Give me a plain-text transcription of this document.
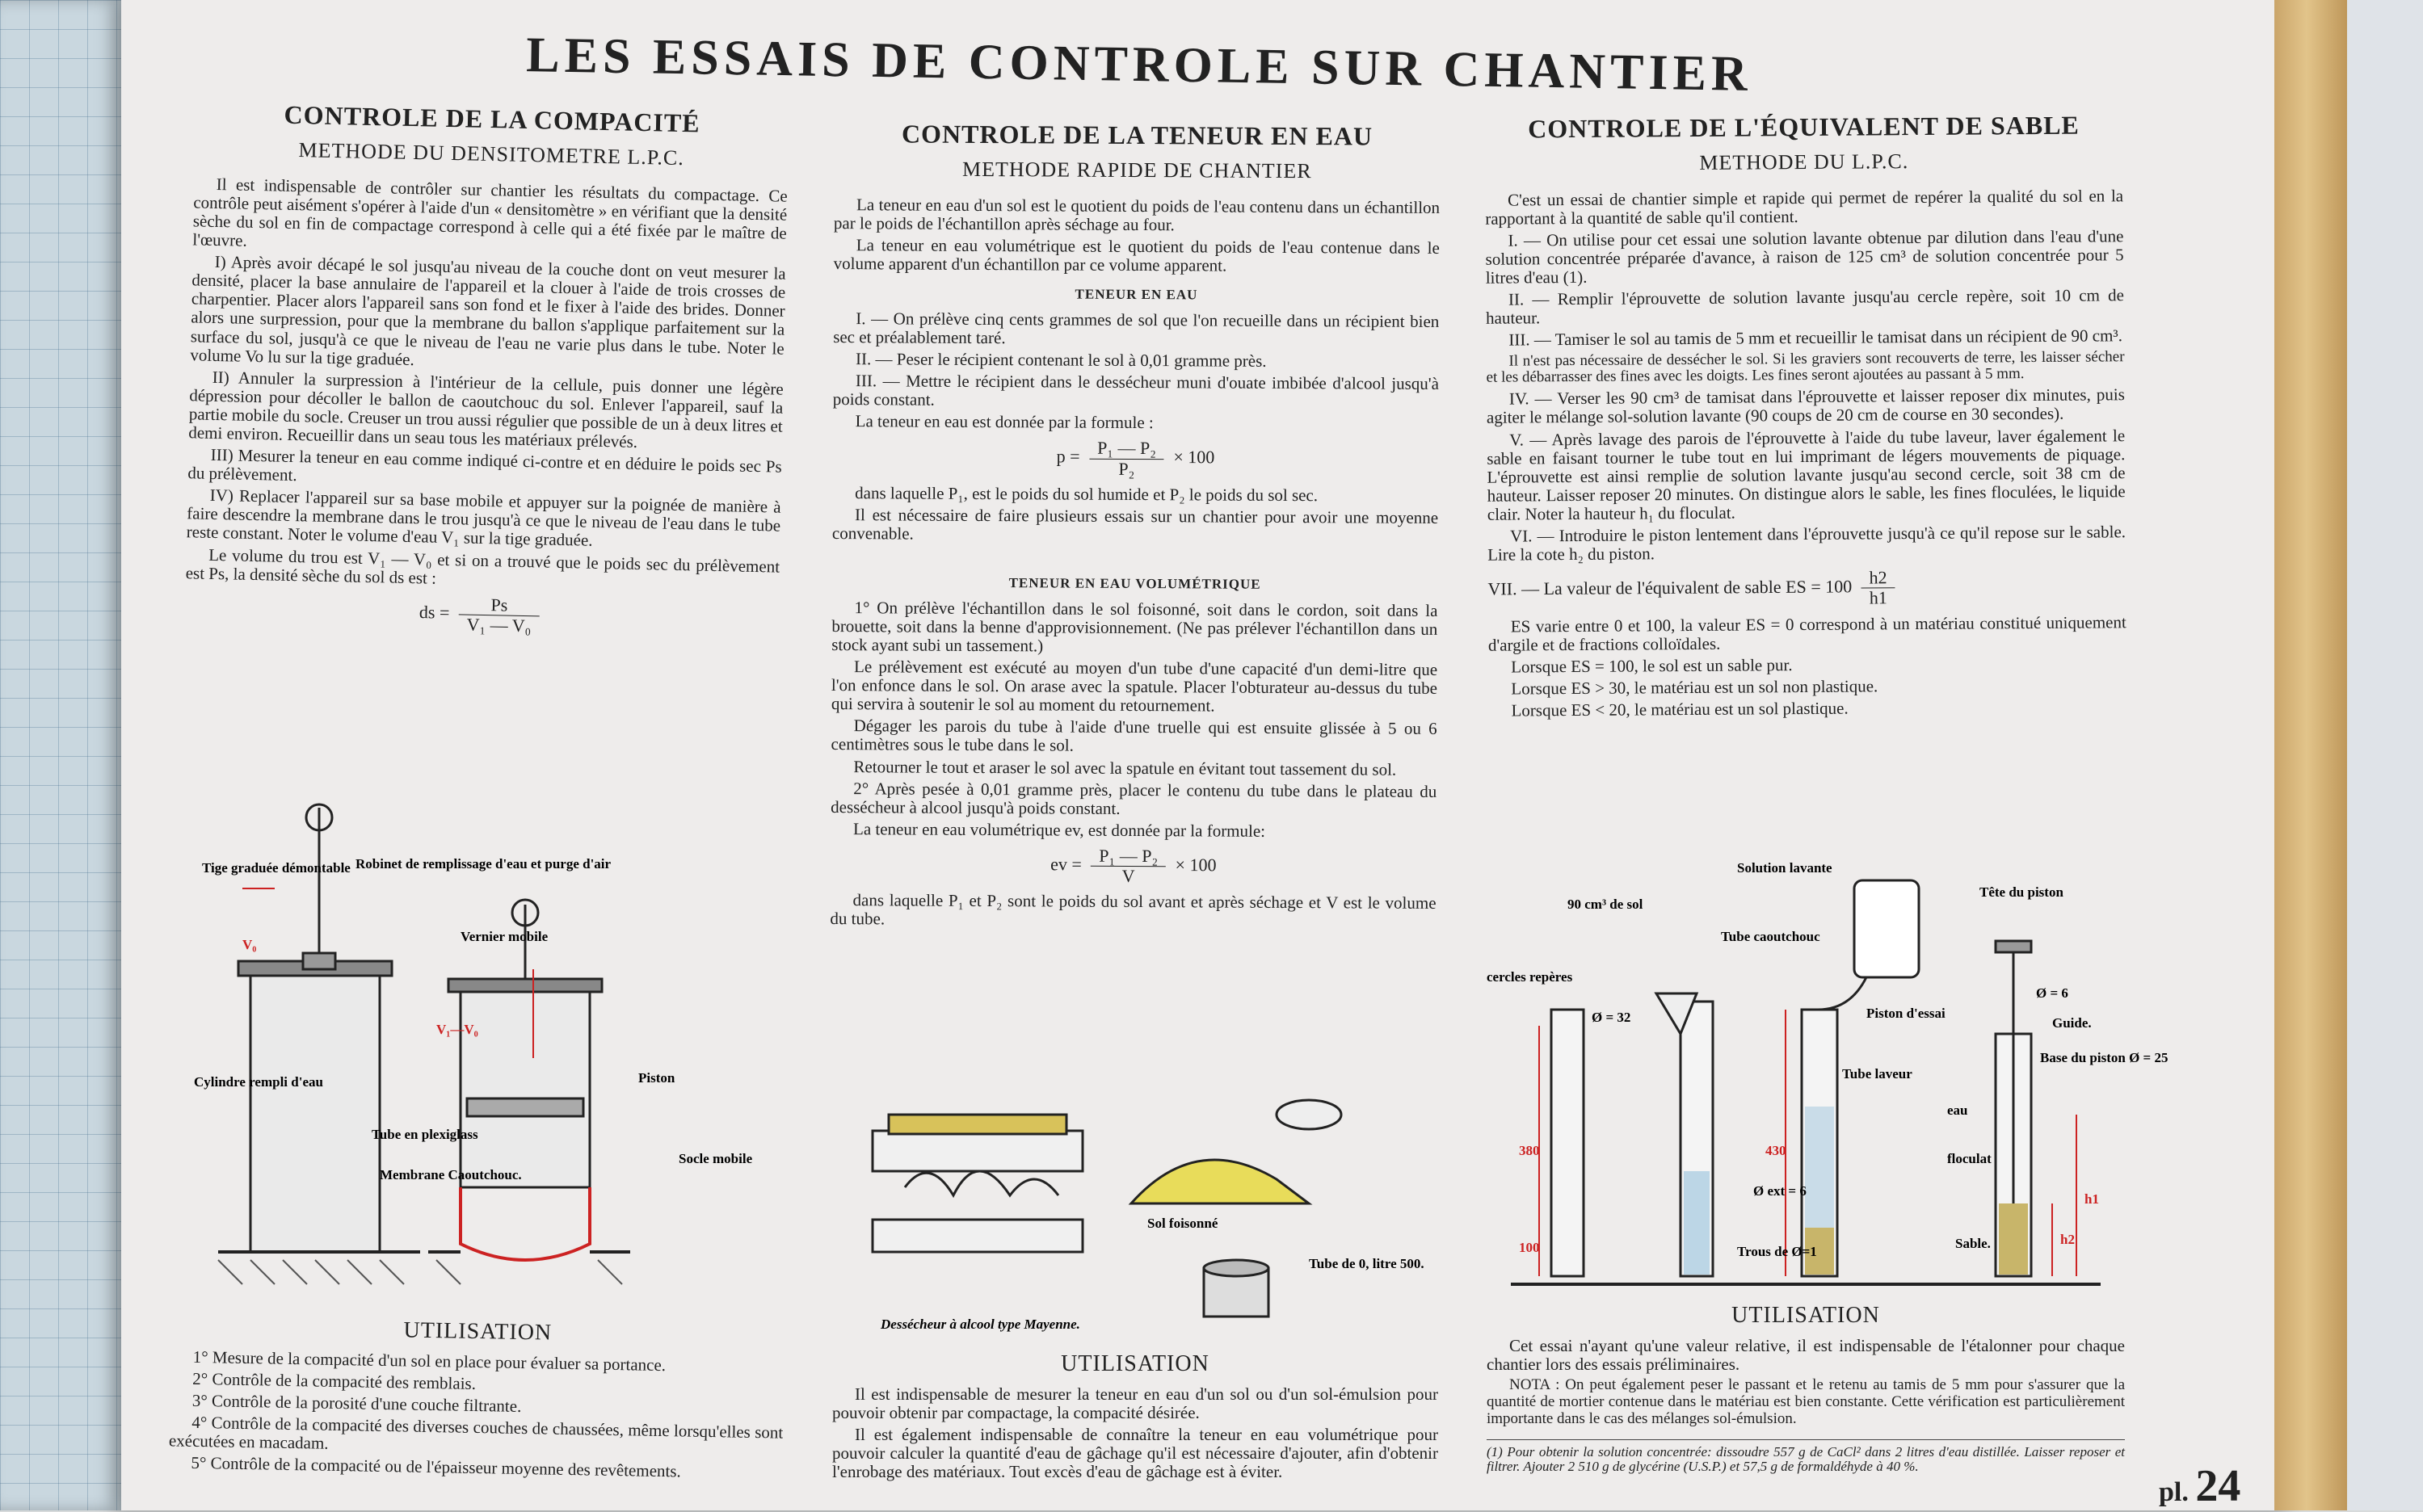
LES ESSAIS DE CONTROLE SUR CHANTIER
CONTROLE DE LA COMPACITÉ
METHODE DU DENSITOMETRE L.P.C.

Il est indispensable de contrôler sur chantier les résultats du compactage. Ce contrôle peut aisément s'opérer à l'aide d'un « densitomètre » en vérifiant que la densité sèche du sol en fin de compactage correspond à celle qui a été fixée par le maître de l'œuvre.

I) Après avoir décapé le sol jusqu'au niveau de la couche dont on veut mesurer la densité, placer la base annulaire de l'appareil et la clouer à l'aide de trois crosses de charpentier. Placer alors l'appareil sans son fond et le fixer à l'aide des brides. Donner alors une surpression, pour que la membrane du ballon s'applique parfaitement sur la surface du sol, jusqu'à ce que le niveau de l'eau ne varie plus dans le tube. Noter le volume Vo lu sur la tige graduée.

II) Annuler la surpression à l'intérieur de la cellule, puis donner une légère dépression pour décoller le ballon de caoutchouc du sol. Enlever l'appareil, sauf la partie mobile du socle. Creuser un trou aussi régulier que possible de un à deux litres et demi environ. Recueillir dans un seau tous les matériaux prélevés.

III) Mesurer la teneur en eau comme indiqué ci-contre et en déduire le poids sec Ps du prélèvement.

IV) Replacer l'appareil sur sa base mobile et appuyer sur la poignée de manière à faire descendre la membrane dans le trou jusqu'à ce que le niveau de l'eau dans le tube reste constant. Noter le volume d'eau V₁ sur la tige graduée.

Le volume du trou est V₁ — V₀ et si on a trouvé que le poids sec du prélèvement est Ps, la densité sèche du sol ds est :

ds = $\frac{Ps}{\text{V₁ — V₀}}$
Tige graduée démontable Robinet de remplissage d'eau et purge d'air
Vernier mobile
V₀
V₁—V₀
Cylindre rempli d'eau	Piston
Tube en plexiglass
Membrane Caoutchouc.
Socle mobile
UTILISATION

1° Mesure de la compacité d'un sol en place pour évaluer sa portance.

2° Contrôle de la compacité des remblais.

3° Contrôle de la porosité d'une couche filtrante.

4° Contrôle de la compacité des diverses couches de chaussées, même lorsqu'elles sont exécutées en macadam.

5° Contrôle de la compacité ou de l'épaisseur moyenne des revêtements.

CONTROLE DE LA TENEUR EN EAU
METHODE RAPIDE DE CHANTIER

La teneur en eau d'un sol est le quotient du poids de l'eau contenu dans un échantillon par le poids de l'échantillon après séchage au four.

La teneur en eau volumétrique est le quotient du poids de l'eau contenue dans le volume apparent d'un échantillon par ce volume apparent.

TENEUR EN EAU

I. — On prélève cinq cents grammes de sol que l'on recueille dans un récipient bien sec et préalablement taré.

II. — Peser le récipient contenant le sol à 0,01 gramme près.

III. — Mettre le récipient dans le dessécheur muni d'ouate imbibée d'alcool jusqu'à poids constant.

La teneur en eau est donnée par la formule :

$p = \frac{\text{P₁ — P₂}}{\text{P₂}} \times 100$

dans laquelle P₁, est le poids du sol humide et P₂ le poids du sol sec.

Il est nécessaire de faire plusieurs essais sur un chantier pour avoir une moyenne convenable.

TENEUR EN EAU VOLUMÉTRIQUE

1° On prélève l'échantillon dans le sol foisonné, soit dans le cordon, soit dans la brouette, soit dans la benne d'approvisionnement. (Ne pas prélever l'échantillon dans un stock ayant subi un tassement.)

Le prélèvement est exécuté au moyen d'un tube d'une capacité d'un demi-litre que l'on enfonce dans le sol. On arase avec la spatule. Placer l'obturateur au-dessus du tube qui servira à soutenir le sol au moment du retournement.

Dégager les parois du tube à l'aide d'une truelle qui est ensuite glissée à 5 ou 6 centimètres sous le tube dans le sol.

Retourner le tout et araser le sol avec la spatule en évitant tout tassement du sol.

2° Après pesée à 0,01 gramme près, placer le contenu du tube dans le plateau du dessécheur à alcool jusqu'à poids constant.

La teneur en eau volumétrique ev, est donnée par la formule:

ev = $\frac{\text{P₁ — P₂}}{V} \times 100$

dans laquelle P₁ et P₂ sont le poids du sol avant et après séchage et V est le volume du tube.

Sol foisonné
Tube de 0, litre 500.
Dessécheur à alcool type Mayenne.
UTILISATION

Il est indispensable de mesurer la teneur en eau d'un sol ou d'un sol-émulsion pour pouvoir obtenir par compactage, la compacité désirée.

Il est également indispensable de connaître la teneur en eau volumétrique pour pouvoir calculer la quantité d'eau de gâchage qu'il est nécessaire d'ajouter, afin d'obtenir l'enrobage des matériaux. Tout excès d'eau de gâchage est à éviter.

CONTROLE DE L'ÉQUIVALENT DE SABLE
METHODE DU L.P.C.

C'est un essai de chantier simple et rapide qui permet de repérer la qualité du sol en la rapportant à la quantité de sable qu'il contient.

I. — On utilise pour cet essai une solution lavante obtenue par dilution dans l'eau d'une solution concentrée préparée d'avance, à raison de 125 cm³ de solution concentrée pour 5 litres d'eau (1).

II. — Remplir l'éprouvette de solution lavante jusqu'au cercle repère, soit 10 cm de hauteur.

III. — Tamiser le sol au tamis de 5 mm et recueillir le tamisat dans un récipient de 90 cm³.

Il n'est pas nécessaire de dessécher le sol. Si les graviers sont recouverts de terre, les laisser sécher et les débarrasser des fines avec les doigts. Les fines seront ajoutées au passant à 5 mm.

IV. — Verser les 90 cm³ de tamisat dans l'éprouvette et laisser reposer dix minutes, puis agiter le mélange sol-solution lavante (90 coups de 20 cm de course en 30 secondes).

V. — Après lavage des parois de l'éprouvette à l'aide du tube laveur, laver également le sable en faisant tourner le tube tout en lui imprimant de légers mouvements de piquage. L'éprouvette est ainsi remplie de solution lavante jusqu'au second cercle, soit 38 cm de hauteur. Laisser reposer 20 minutes. On distingue alors le sable, les fines floculées, le liquide clair. Noter la hauteur h₁ du floculat.

VI. — Introduire le piston lentement dans l'éprouvette jusqu'à ce qu'il repose sur le sable. Lire la cote h₂ du piston.

VII. — La valeur de l'équivalent de sable ES = $100 \frac{h2}{h1}$

ES varie entre 0 et 100, la valeur ES = 0 correspond à un matériau constitué uniquement d'argile et de fractions colloïdales.

Lorsque ES = 100, le sol est un sable pur.

Lorsque ES > 30, le matériau est un sol non plastique.

Lorsque ES < 20, le matériau est un sol plastique.

Solution lavante
Tête du piston
90 cm³ de sol
Tube caoutchouc
cercles repères
Ø = 32
Ø = 6
Piston d'essai
Guide.
Base du piston Ø = 25
Tube laveur
eau
floculat
Ø ext = 6
Trous de Ø=1
Sable.
h1
h2
380
100
430
UTILISATION

Cet essai n'ayant qu'une valeur relative, il est indispensable de l'étalonner pour chaque chantier lors des essais préliminaires.

NOTA : On peut également peser le passant et le retenu au tamis de 5 mm pour s'assurer que la quantité de mortier contenue dans le matériau est bien constante. Cette vérification est particulièrement importante dans le cas des mélanges sol-émulsion.

(1) Pour obtenir la solution concentrée: dissoudre 557 g de CaCl² dans 2 litres d'eau distillée. Laisser reposer et filtrer. Ajouter 2 510 g de glycérine (U.S.P.) et 57,5 g de formaldéhyde à 40 %.
pl. 24
